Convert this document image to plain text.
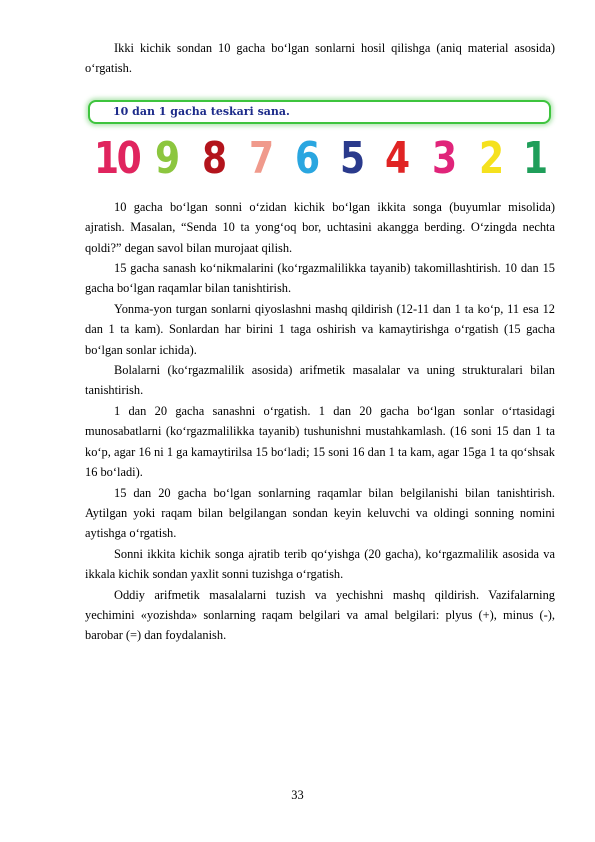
Ikki kichik sondan 10 gacha bo‘lgan sonlarni hosil qilishga (aniq material asosida) o‘rgatish.

10 dan 1 gacha teskari sana.
10 9 8 7 6 5 4 3 2 1

10 gacha bo‘lgan sonni o‘zidan kichik bo‘lgan ikkita songa (buyumlar misolida) ajratish. Masalan, “Senda 10 ta yong‘oq bor, uchtasini akangga berding. O‘zingda nechta qoldi?” degan savol bilan murojaat qilish.

15 gacha sanash ko‘nikmalarini (ko‘rgazmalilikka tayanib) takomillashtirish. 10 dan 15 gacha bo‘lgan raqamlar bilan tanishtirish.

Yonma-yon turgan sonlarni qiyoslashni mashq qildirish (12-11 dan 1 ta ko‘p, 11 esa 12 dan 1 ta kam). Sonlardan har birini 1 taga oshirish va kamaytirishga o‘rgatish (15 gacha bo‘lgan sonlar ichida).

Bolalarni (ko‘rgazmalilik asosida) arifmetik masalalar va uning strukturalari bilan tanishtirish.

1 dan 20 gacha sanashni o‘rgatish. 1 dan 20 gacha bo‘lgan sonlar o‘rtasidagi munosabatlarni (ko‘rgazmalilikka tayanib) tushunishni mustahkamlash. (16 soni 15 dan 1 ta ko‘p, agar 16 ni 1 ga kamaytirilsa 15 bo‘ladi; 15 soni 16 dan 1 ta kam, agar 15ga 1 ta qo‘shsak 16 bo‘ladi).

15 dan 20 gacha bo‘lgan sonlarning raqamlar bilan belgilanishi bilan tanishtirish. Aytilgan yoki raqam bilan belgilangan sondan keyin keluvchi va oldingi sonning nomini aytishga o‘rgatish.

Sonni ikkita kichik songa ajratib terib qo‘yishga (20 gacha), ko‘rgazmalilik asosida va ikkala kichik sondan yaxlit sonni tuzishga o‘rgatish.

Oddiy arifmetik masalalarni tuzish va yechishni mashq qildirish. Vazifalarning yechimini «yozishda» sonlarning raqam belgilari va amal belgilari: plyus (+), minus (-), barobar (=) dan foydalanish.

33
